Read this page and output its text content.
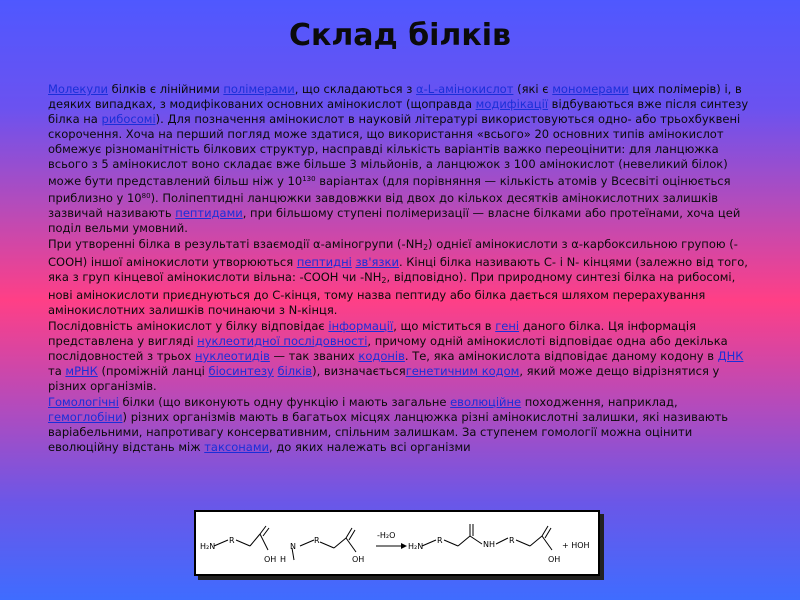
Склад білків

Молекули білків є лінійними полімерами, що складаються з α-L-амінокислот (які є мономерами цих полімерів) і, в деяких випадках, з модифікованих основних амінокислот (щоправда модифікації відбуваються вже після синтезу білка на рибосомі). Для позначення амінокислот в науковій літературі використовуються одно- або трьохбуквені скорочення. Хоча на перший погляд може здатися, що використання «всього» 20 основних типів амінокислот обмежує різноманітність білкових структур, насправді кількість варіантів важко переоцінити: для ланцюжка всього з 5 амінокислот воно складає вже більше 3 мільйонів, а ланцюжок з 100 амінокислот (невеликий білок) може бути представлений більш ніж у $10^{130}$ варіантах (для порівняння — кількість атомів у Всесвіті оцінюється приблизно у $10^{80}$). Поліпептидні ланцюжки завдовжки від двох до кількох десятків амінокислотних залишків зазвичай називають пептидами, при більшому ступені полімеризації — власне білками або протеїнами, хоча цей поділ вельми умовний.

При утворенні білка в результаті взаємодії α-аміногрупи $(-NH_2)$ однієї амінокислоти з α-карбоксильною групою (-СООН) іншої амінокислоти утворюються пептидні зв'язки. Кінці білка називають С- і N- кінцями (залежно від того, яка з груп кінцевої амінокислоти вільна: -СООН чи $-NH_2$, відповідно). При природному синтезі білка на рибосомі, нові амінокислоти приєднуються до С-кінця, тому назва пептиду або білка дається шляхом перерахування амінокислотних залишків починаючи з N-кінця.

Послідовність амінокислот у білку відповідає інформації, що міститься в гені даного білка. Ця інформація представлена у вигляді нуклеотидної послідовності, причому одній амінокислоті відповідає одна або декілька послідовностей з трьох нуклеотидів — так званих кодонів. Те, яка амінокислота відповідає даному кодону в ДНК та мРНК (проміжній ланці біосинтезу білків), визначаєтьсягенетичним кодом, який може дещо відрізнятися у різних організмів.

Гомологічні білки (що виконують одну функцію і мають загальне еволюційне походження, наприклад, гемоглобіни) різних організмів мають в багатьох місцях ланцюжка різні амінокислотні залишки, які називають варіабельними, напротивагу консервативним, спільним залишкам. За ступенем гомології можна оцінити еволюційну відстань між таксонами, до яких належать всі організми

H₂N
R
OH H
N
R
OH
-H₂O
H₂N
R	NH R
OH
+ HOH
